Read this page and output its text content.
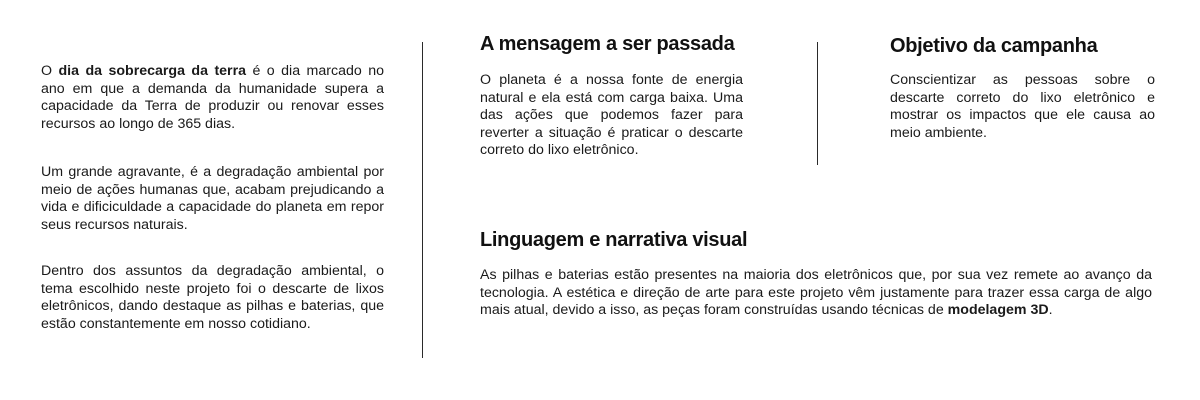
O dia da sobrecarga da terra é o dia marcado no ano em que a demanda da humanidade supera a capacidade da Terra de produzir ou renovar esses recursos ao longo de 365 dias.

Um grande agravante, é a degradação ambiental por meio de ações humanas que, acabam prejudicando a vida e dificiculdade a capacidade do planeta em repor seus recursos naturais.

Dentro dos assuntos da degradação ambiental, o tema escolhido neste projeto foi o descarte de lixos eletrônicos, dando destaque as pilhas e baterias, que estão constantemente em nosso cotidiano.

A mensagem a ser passada

O planeta é a nossa fonte de energia natural e ela está com carga baixa. Uma das ações que podemos fazer para reverter a situação é praticar o descarte correto do lixo eletrônico.

Objetivo da campanha

Conscientizar as pessoas sobre o descarte correto do lixo eletrônico e mostrar os impactos que ele causa ao meio ambiente.

Linguagem e narrativa visual

As pilhas e baterias estão presentes na maioria dos eletrônicos que, por sua vez remete ao avanço da tecnologia. A estética e direção de arte para este projeto vêm justamente para trazer essa carga de algo mais atual, devido a isso, as peças foram construídas usando técnicas de modelagem 3D.
